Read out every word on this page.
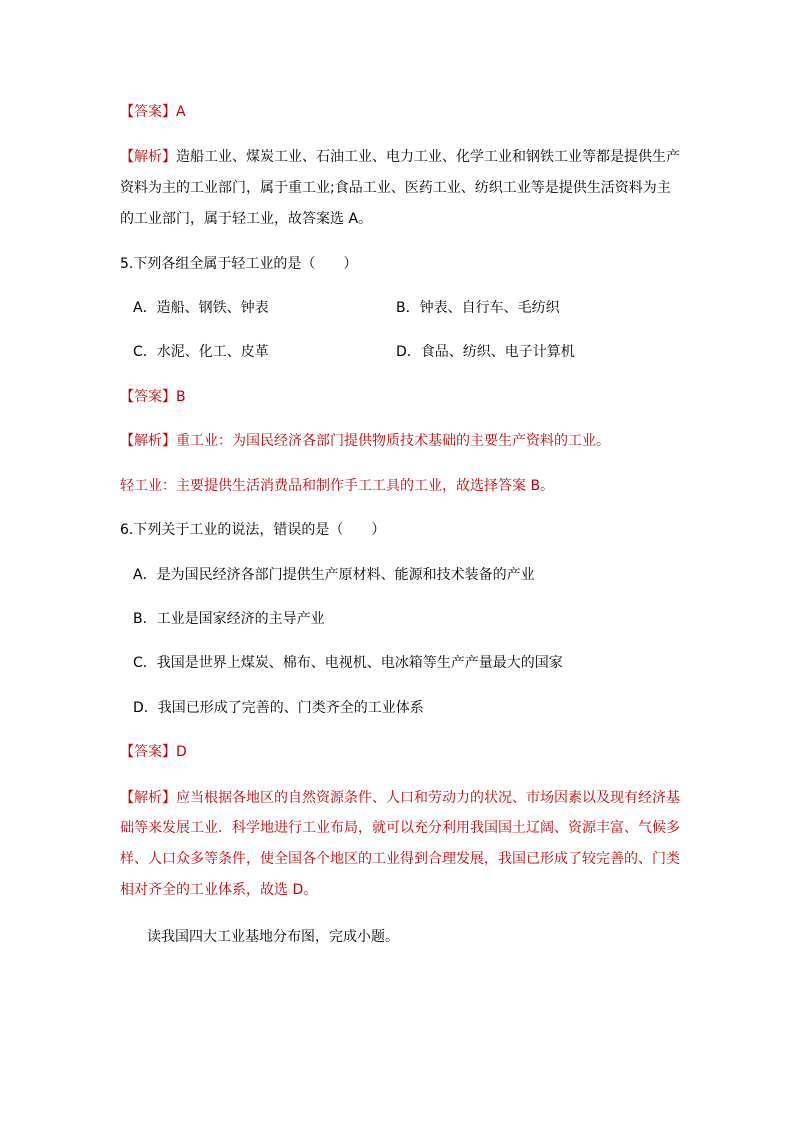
【答案】A
【解析】造船工业、煤炭工业、石油工业、电力工业、化学工业和钢铁工业等都是提供生产
资料为主的工业部门，属于重工业;食品工业、医药工业、纺织工业等是提供生活资料为主
的工业部门，属于轻工业，故答案选 A。
5.下列各组全属于轻工业的是（　　）
A．造船、钢铁、钟表	B．钟表、自行车、毛纺织
C．水泥、化工、皮革	D．食品、纺织、电子计算机
【答案】B
【解析】重工业：为国民经济各部门提供物质技术基础的主要生产资料的工业。
轻工业：主要提供生活消费品和制作手工工具的工业，故选择答案 B。
6.下列关于工业的说法，错误的是（　　）
A．是为国民经济各部门提供生产原材料、能源和技术装备的产业
B．工业是国家经济的主导产业
C．我国是世界上煤炭、棉布、电视机、电冰箱等生产产量最大的国家
D．我国已形成了完善的、门类齐全的工业体系
【答案】D
【解析】应当根据各地区的自然资源条件、人口和劳动力的状况、市场因素以及现有经济基
础等来发展工业．科学地进行工业布局，就可以充分利用我国国土辽阔、资源丰富、气候多
样、人口众多等条件，使全国各个地区的工业得到合理发展，我国已形成了较完善的、门类
相对齐全的工业体系，故选 D。
读我国四大工业基地分布图，完成小题。
